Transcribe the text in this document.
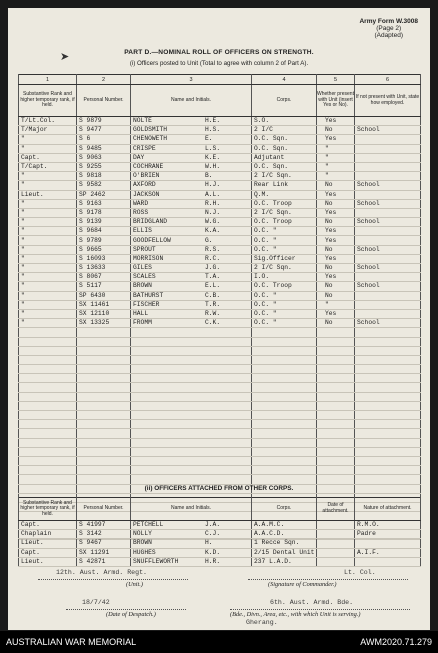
Army Form W.3008
(Page 2)
(Adapted)
➤	PART D.—NOMINAL ROLL OF OFFICERS ON STRENGTH.
(i) Officers posted to Unit (Total to agree with column 2 of Part A).
1	2	3	4	5	6
Substantive Rank and higher temporary rank, if held.	Personal Number.	Name and Initials.	Corps.	Whether present with Unit (insert Yes or No).	If not present with Unit, state how employed.
T/Lt.Col.	S 9879	NOLTE H.E.	S.O.	Yes	
T/Major	S 9477	GOLDSMITH H.S.	2 I/C	No	School
"	S 6	CHENOWETH E.	O.C. Sqn.	Yes	
"	S 9485	CRISPE L.S.	O.C. Sqn.	"	
Capt.	S 9063	DAY K.E.	Adjutant	"	
T/Capt.	S 9255	COCHRANE W.H.	O.C. Sqn.	"	
"	S 9818	O'BRIEN B.	2 I/C Sqn.	"	
"	S 9582	AXFORD H.J.	Rear Link	No	School
Lieut.	SP 2462	JACKSON A.L.	Q.M.	Yes	
"	S 9163	WARD R.H.	O.C. Troop	No	School
"	S 9178	ROSS N.J.	2 I/C Sqn.	Yes	
"	S 9139	BRIDGLAND W.G.	O.C. Troop	No	School
"	S 9684	ELLIS K.A.	O.C. "	Yes	
"	S 9789	GOODFELLOW G.	O.C. "	Yes	
"	S 9665	SPROUT R.S.	O.C. "	No	School
"	S 16093	MORRISON R.C.	Sig.Officer	Yes	
"	S 13633	GILES J.G.	2 I/C Sqn.	No	School
"	S 8067	SCALES T.A.	I.O.	Yes	
"	S 5117	BROWN E.L.	O.C. Troop	No	School
"	SP 6430	BATHURST C.B.	O.C. "	No	
"	SX 11461	FISCHER T.R.	O.C. "	"	
"	SX 12110	HALL R.W.	O.C. "	Yes	
"	SX 13325	FROMM C.K.	O.C. "	No	School

(ii) OFFICERS ATTACHED FROM OTHER CORPS.
Substantive Rank and higher temporary rank, if held.	Personal Number.	Name and Initials.	Corps.	Date of attachment.	Nature of attachment.
Capt.	S 41997	PETCHELL J.A.	A.A.M.C.		R.M.O.
Chaplain	S 3142	NOLLY C.J.	A.A.C.D.		Padre
Lieut.	S 9467	BROWN H.	1 Recce Sqn.		
Capt.	SX 11291	HUGHES K.D.	2/15 Dental Unit		A.I.F.
Lieut.	S 42871	SNUFFLEWORTH H.R.	237 L.A.D.		
12th. Aust. Armd. Regt.
(Unit.)
Lt. Col.
(Signature of Commander.)
18/7/42
(Date of Despatch.)
6th. Aust. Armd. Bde.
(Bde., Divn., Area, etc., with which Unit is serving.)
Gherang.
AUSTRALIAN WAR MEMORIAL	AWM2020.71.279
